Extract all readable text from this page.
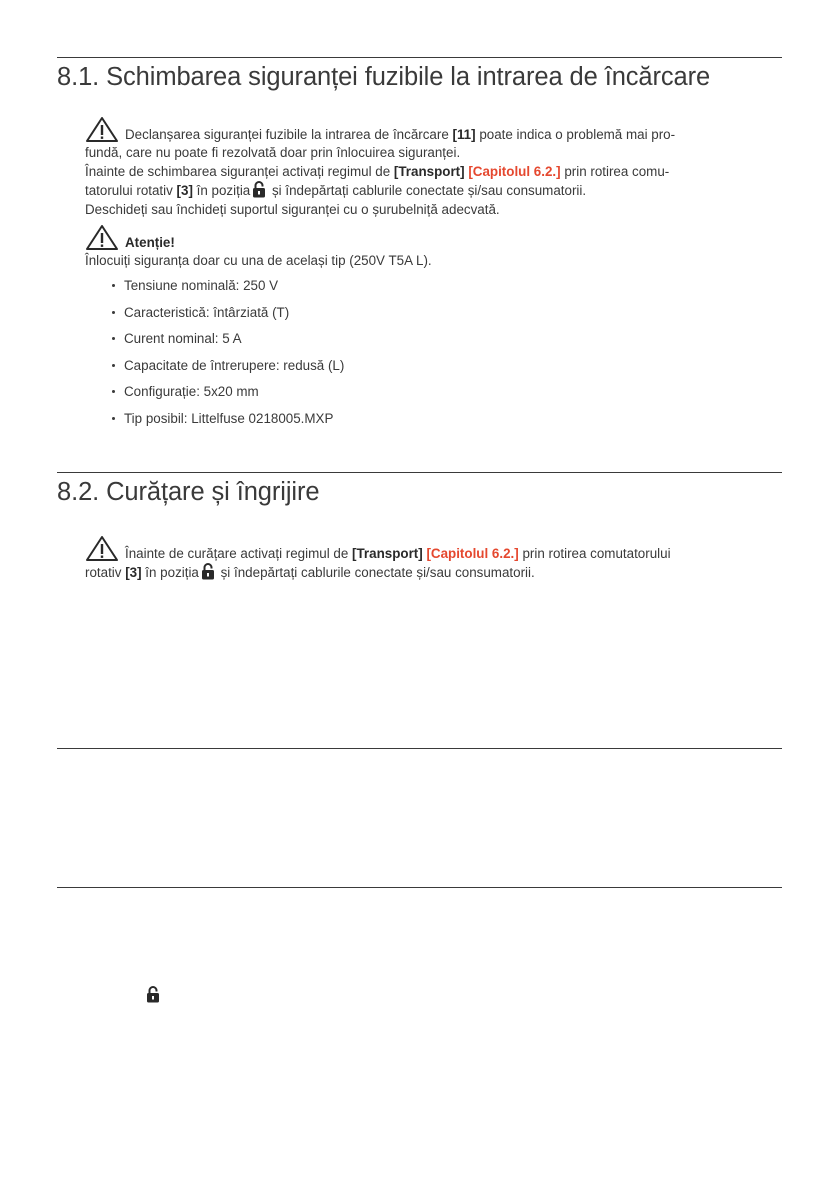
8.1. Schimbarea siguranței fuzibile la intrarea de încărcare

Declanșarea siguranței fuzibile la intrarea de încărcare [11] poate indica o problemă mai pro-

fundă, care nu poate fi rezolvată doar prin înlocuirea siguranței.

Înainte de schimbarea siguranței activați regimul de [Transport] [Capitolul 6.2.] prin rotirea comu-

tatorului rotativ [3] în poziția
și îndepărtați cablurile conectate și/sau consumatorii.

Deschideți sau închideți suportul siguranței cu o șurubelniță adecvată.

Atenție!

Înlocuiți siguranța doar cu una de același tip (250V T5A L).

Tensiune nominală: 250 V
Caracteristică: întârziată (T)
Curent nominal: 5 A
Capacitate de întrerupere: redusă (L)
Configurație: 5x20 mm
Tip posibil: Littelfuse 0218005.MXP
8.2. Curățare și îngrijire

Înainte de curățare activați regimul de [Transport] [Capitolul 6.2.] prin rotirea comutatorului

rotativ [3] în poziția
și îndepărtați cablurile conectate și/sau consumatorii.
